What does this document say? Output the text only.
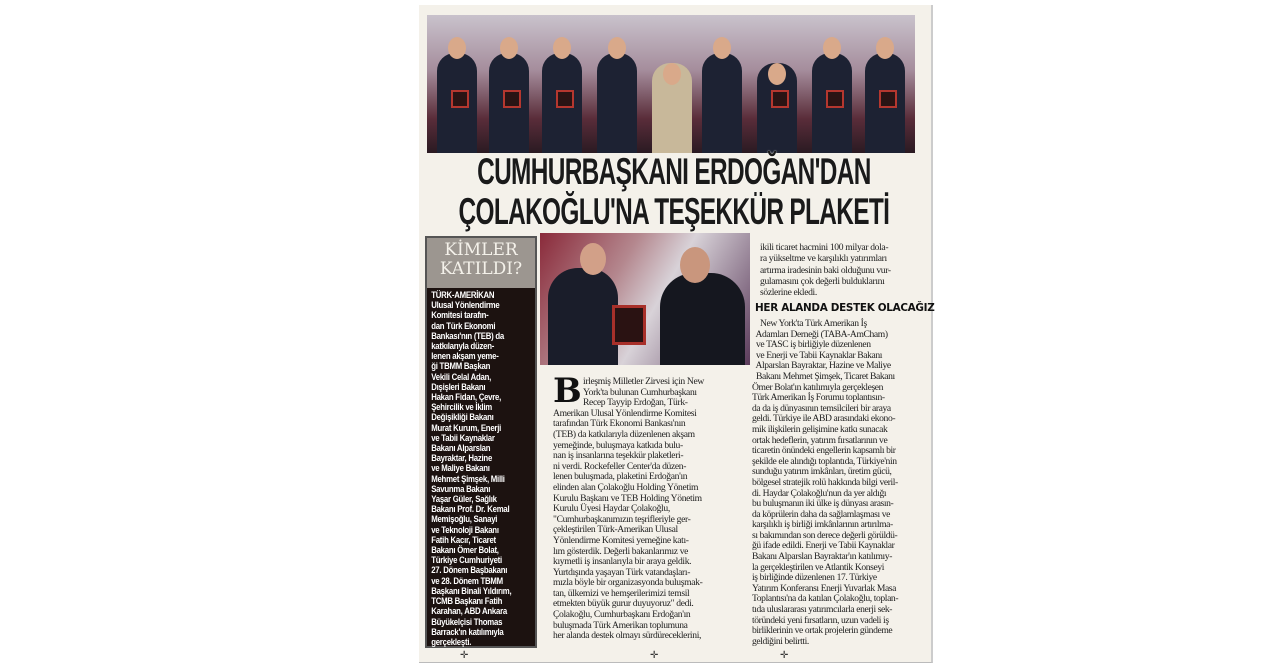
CUMHURBAŞKANI ERDOĞAN'DAN
ÇOLAKOĞLU'NA TEŞEKKÜR PLAKETİ
KİMLER
KATILDI?
TÜRK-AMERİKAN
Ulusal Yönlendirme
Komitesi tarafın-
dan Türk Ekonomi
Bankası'nın (TEB) da
katkılarıyla düzen-
lenen akşam yeme-
ği TBMM Başkan
Vekili Celal Adan,
Dışişleri Bakanı
Hakan Fidan, Çevre,
Şehircilik ve İklim
Değişikliği Bakanı
Murat Kurum, Enerji
ve Tabii Kaynaklar
Bakanı Alparslan
Bayraktar, Hazine
ve Maliye Bakanı
Mehmet Şimşek, Milli
Savunma Bakanı
Yaşar Güler, Sağlık
Bakanı Prof. Dr. Kemal
Memişoğlu, Sanayi
ve Teknoloji Bakanı
Fatih Kacır, Ticaret
Bakanı Ömer Bolat,
Türkiye Cumhuriyeti
27. Dönem Başbakanı
ve 28. Dönem TBMM
Başkanı Binali Yıldırım,
TCMB Başkanı Fatih
Karahan, ABD Ankara
Büyükelçisi Thomas
Barrack'ın katılımıyla
gerçekleşti.
B irleşmiş Milletler Zirvesi için New
York'ta bulunan Cumhurbaşkanı
Recep Tayyip Erdoğan, Türk-
Amerikan Ulusal Yönlendirme Komitesi
tarafından Türk Ekonomi Bankası'nın
(TEB) da katkılarıyla düzenlenen akşam
yemeğinde, buluşmaya katkıda bulu-
nan iş insanlarına teşekkür plaketleri-
ni verdi. Rockefeller Center'da düzen-
lenen buluşmada, plaketini Erdoğan'ın
elinden alan Çolakoğlu Holding Yönetim
Kurulu Başkanı ve TEB Holding Yönetim
Kurulu Üyesi Haydar Çolakoğlu,
"Cumhurbaşkanımızın teşrifleriyle ger-
çekleştirilen Türk-Amerikan Ulusal
Yönlendirme Komitesi yemeğine katı-
lım gösterdik. Değerli bakanlarımız ve
kıymetli iş insanlarıyla bir araya geldik.
Yurtdışında yaşayan Türk vatandaşları-
mızla böyle bir organizasyonda buluşmak-
tan, ülkemizi ve hemşerilerimizi temsil
etmekten büyük gurur duyuyoruz" dedi.
Çolakoğlu, Cumhurbaşkanı Erdoğan'ın
buluşmada Türk Amerikan toplumuna
her alanda destek olmayı sürdüreceklerini,
ikili ticaret hacmini 100 milyar dola-
ra yükseltme ve karşılıklı yatırımları
artırma iradesinin baki olduğunu vur-
gulamasını çok değerli bulduklarını
sözlerine ekledi.
HER ALANDA DESTEK OLACAĞIZ
New York'ta Türk Amerikan İş
Adamları Derneği (TABA-AmCham)
ve TASC iş birliğiyle düzenlenen
ve Enerji ve Tabii Kaynaklar Bakanı
Alparslan Bayraktar, Hazine ve Maliye
Bakanı Mehmet Şimşek, Ticaret Bakanı
Ömer Bolat'ın katılımıyla gerçekleşen
Türk Amerikan İş Forumu toplantısın-
da da iş dünyasının temsilcileri bir araya
geldi. Türkiye ile ABD arasındaki ekono-
mik ilişkilerin gelişimine katkı sunacak
ortak hedeflerin, yatırım fırsatlarının ve
ticaretin önündeki engellerin kapsamlı bir
şekilde ele alındığı toplantıda, Türkiye'nin
sunduğu yatırım imkânları, üretim gücü,
bölgesel stratejik rolü hakkında bilgi veril-
di. Haydar Çolakoğlu'nun da yer aldığı
bu buluşmanın iki ülke iş dünyası arasın-
da köprülerin daha da sağlamlaşması ve
karşılıklı iş birliği imkânlarının artırılma-
sı bakımından son derece değerli görüldü-
ğü ifade edildi. Enerji ve Tabii Kaynaklar
Bakanı Alparslan Bayraktar'ın katılımıy-
la gerçekleştirilen ve Atlantik Konseyi
iş birliğinde düzenlenen 17. Türkiye
Yatırım Konferansı Enerji Yuvarlak Masa
Toplantısı'na da katılan Çolakoğlu, toplan-
tıda uluslararası yatırımcılarla enerji sek-
töründeki yeni fırsatların, uzun vadeli iş
birliklerinin ve ortak projelerin gündeme
geldiğini belirtti.
✛	✛	✛
